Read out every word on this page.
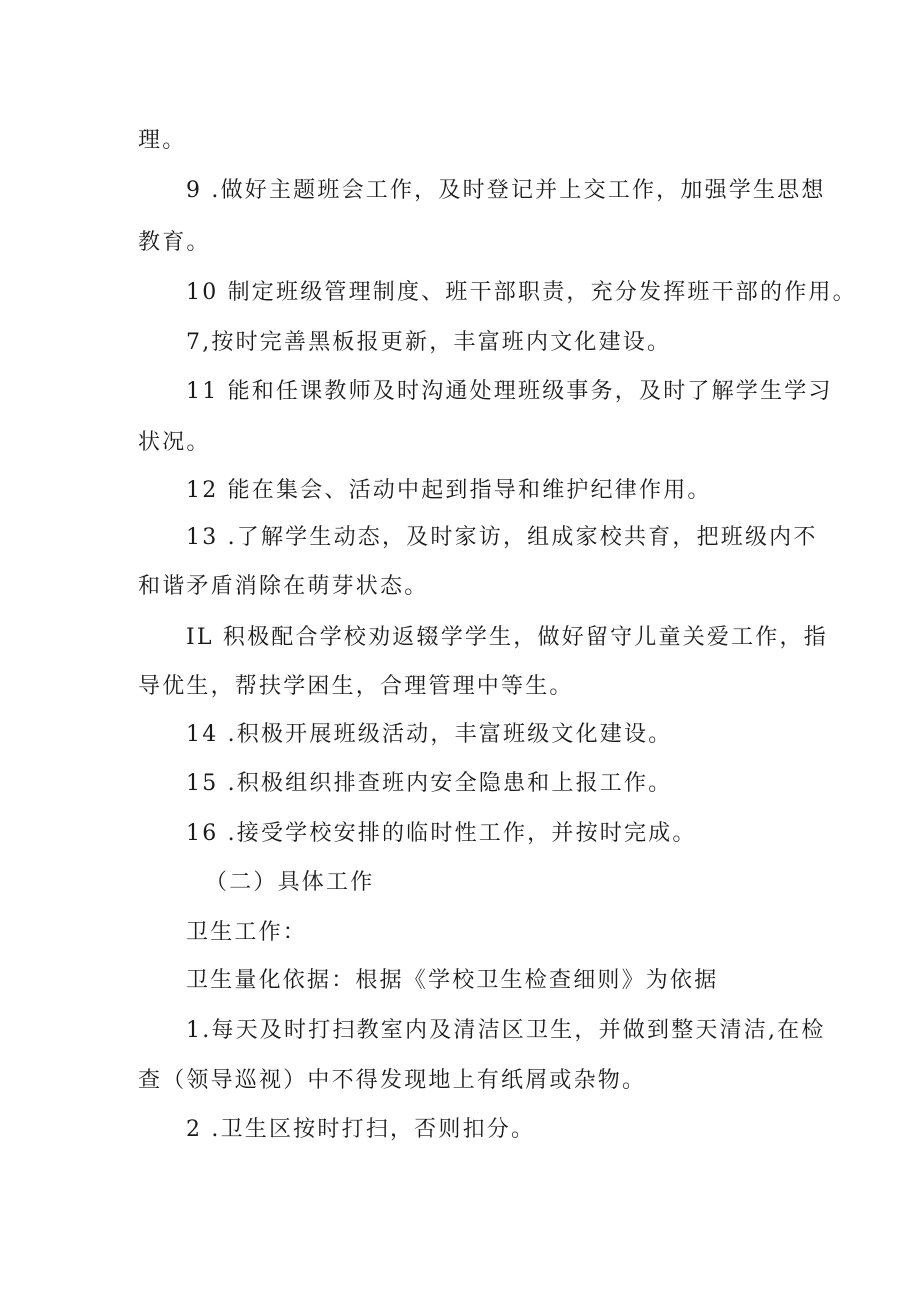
理。
9 .做好主题班会工作，及时登记并上交工作，加强学生思想
教育。
10 制定班级管理制度、班干部职责，充分发挥班干部的作用。
7,按时完善黑板报更新，丰富班内文化建设。
11 能和任课教师及时沟通处理班级事务，及时了解学生学习
状况。
12 能在集会、活动中起到指导和维护纪律作用。
13 .了解学生动态，及时家访，组成家校共育，把班级内不
和谐矛盾消除在萌芽状态。
IL 积极配合学校劝返辍学学生，做好留守儿童关爱工作，指
导优生，帮扶学困生，合理管理中等生。
14 .积极开展班级活动，丰富班级文化建设。
15 .积极组织排查班内安全隐患和上报工作。
16 .接受学校安排的临时性工作，并按时完成。
（二）具体工作
卫生工作：
卫生量化依据：根据《学校卫生检查细则》为依据
1.每天及时打扫教室内及清洁区卫生，并做到整天清洁,在检
查（领导巡视）中不得发现地上有纸屑或杂物。
2 .卫生区按时打扫，否则扣分。
